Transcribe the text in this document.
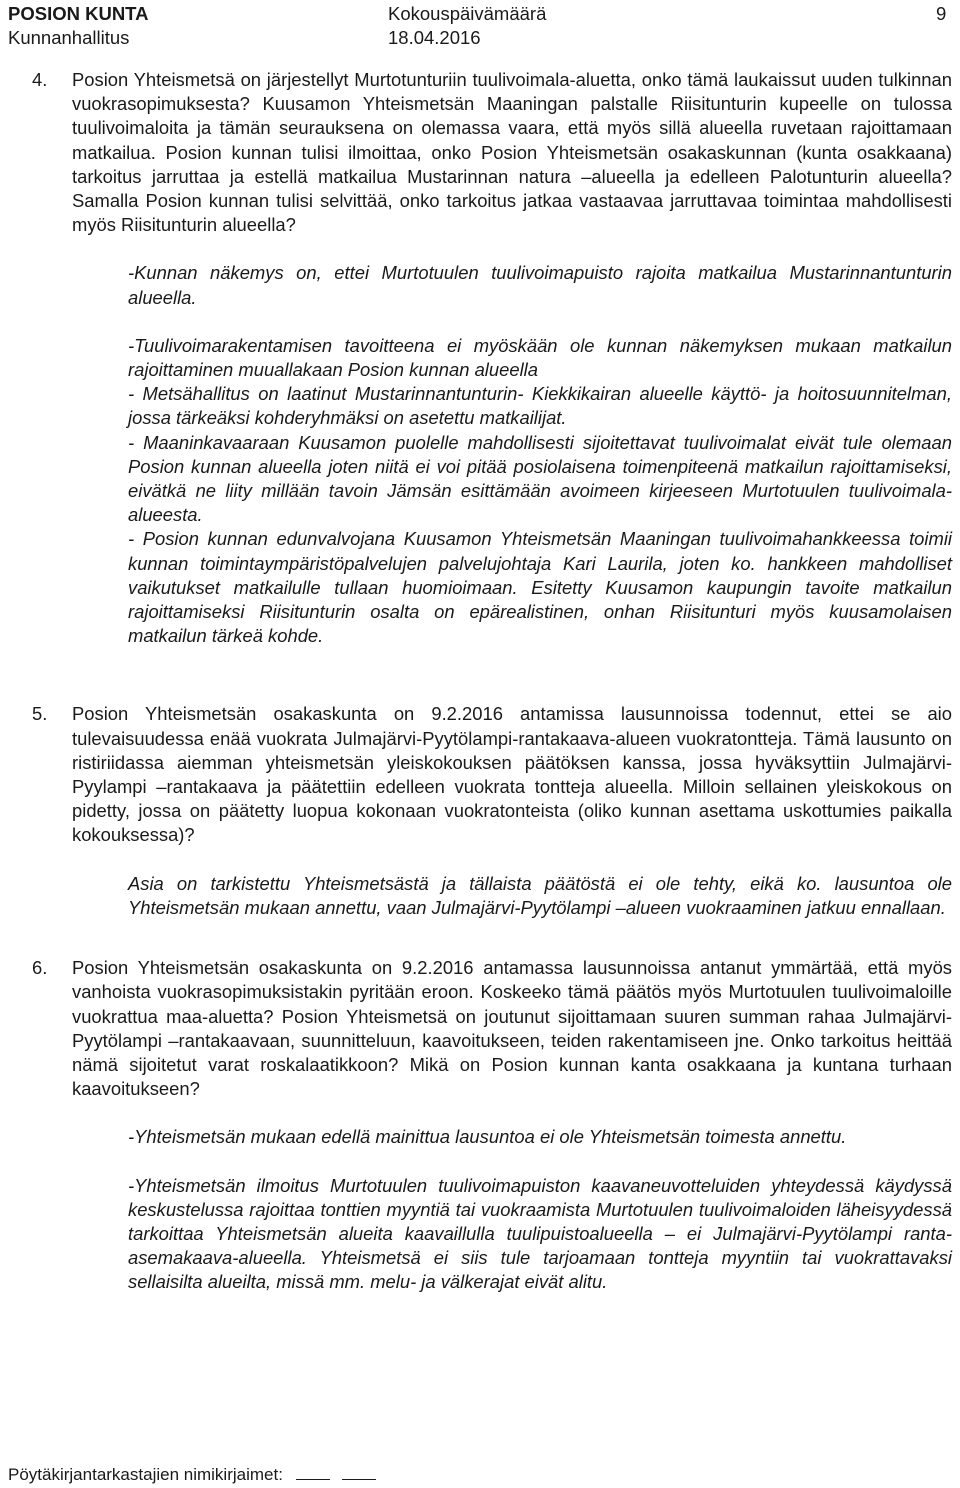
POSION KUNTA	Kokouspäivämäärä	9
Kunnanhallitus	18.04.2016
4. Posion Yhteismetsä on järjestellyt Murtotunturiin tuulivoimala-aluetta, onko tämä laukaissut uuden tulkinnan vuokrasopimuksesta? Kuusamon Yhteismetsän Maaningan palstalle Riisitunturin kupeelle on tulossa tuulivoimaloita ja tämän seurauksena on olemassa vaara, että myös sillä alueella ruvetaan rajoittamaan matkailua. Posion kunnan tulisi ilmoittaa, onko Posion Yhteismetsän osakaskunnan (kunta osakkaana) tarkoitus jarruttaa ja estellä matkailua Mustarinnan natura –alueella ja edelleen Palotunturin alueella? Samalla Posion kunnan tulisi selvittää, onko tarkoitus jatkaa vastaavaa jarruttavaa toimintaa mahdollisesti myös Riisitunturin alueella?

-Kunnan näkemys on, ettei Murtotuulen tuulivoimapuisto rajoita matkailua Mustarinnantunturin alueella.

-Tuulivoimarakentamisen tavoitteena ei myöskään ole kunnan näkemyksen mukaan matkailun rajoittaminen muuallakaan Posion kunnan alueella

- Metsähallitus on laatinut Mustarinnantunturin- Kiekkikairan alueelle käyttö- ja hoitosuunnitelman, jossa tärkeäksi kohderyhmäksi on asetettu matkailijat.

- Maaninkavaaraan Kuusamon puolelle mahdollisesti sijoitettavat tuulivoimalat eivät tule olemaan Posion kunnan alueella joten niitä ei voi pitää posiolaisena toimenpiteenä matkailun rajoittamiseksi, eivätkä ne liity millään tavoin Jämsän esittämään avoimeen kirjeeseen Murtotuulen tuulivoimala-alueesta.

- Posion kunnan edunvalvojana Kuusamon Yhteismetsän Maaningan tuulivoimahankkeessa toimii kunnan toimintaympäristöpalvelujen palvelujohtaja Kari Laurila, joten ko. hankkeen mahdolliset vaikutukset matkailulle tullaan huomioimaan. Esitetty Kuusamon kaupungin tavoite matkailun rajoittamiseksi Riisitunturin osalta on epärealistinen, onhan Riisitunturi myös kuusamolaisen matkailun tärkeä kohde.

5. Posion Yhteismetsän osakaskunta on 9.2.2016 antamissa lausunnoissa todennut, ettei se aio tulevaisuudessa enää vuokrata Julmajärvi-Pyytölampi-rantakaava-alueen vuokratontteja. Tämä lausunto on ristiriidassa aiemman yhteismetsän yleiskokouksen päätöksen kanssa, jossa hyväksyttiin Julmajärvi-Pyylampi –rantakaava ja päätettiin edelleen vuokrata tontteja alueella. Milloin sellainen yleiskokous on pidetty, jossa on päätetty luopua kokonaan vuokratonteista (oliko kunnan asettama uskottumies paikalla kokouksessa)?

Asia on tarkistettu Yhteismetsästä ja tällaista päätöstä ei ole tehty, eikä ko. lausuntoa ole Yhteismetsän mukaan annettu, vaan Julmajärvi-Pyytölampi –alueen vuokraaminen jatkuu ennallaan.

6. Posion Yhteismetsän osakaskunta on 9.2.2016 antamassa lausunnoissa antanut ymmärtää, että myös vanhoista vuokrasopimuksistakin pyritään eroon. Koskeeko tämä päätös myös Murtotuulen tuulivoimaloille vuokrattua maa-aluetta? Posion Yhteismetsä on joutunut sijoittamaan suuren summan rahaa Julmajärvi-Pyytölampi –rantakaavaan, suunnitteluun, kaavoitukseen, teiden rakentamiseen jne. Onko tarkoitus heittää nämä sijoitetut varat roskalaatikkoon? Mikä on Posion kunnan kanta osakkaana ja kuntana turhaan kaavoitukseen?

-Yhteismetsän mukaan edellä mainittua lausuntoa ei ole Yhteismetsän toimesta annettu.

-Yhteismetsän ilmoitus Murtotuulen tuulivoimapuiston kaavaneuvotteluiden yhteydessä käydyssä keskustelussa rajoittaa tonttien myyntiä tai vuokraamista Murtotuulen tuulivoimaloiden läheisyydessä tarkoittaa Yhteismetsän alueita kaavaillulla tuulipuistoalueella – ei Julmajärvi-Pyytölampi ranta-asemakaava-alueella. Yhteismetsä ei siis tule tarjoamaan tontteja myyntiin tai vuokrattavaksi sellaisilta alueilta, missä mm. melu- ja välkerajat eivät alitu.

Pöytäkirjantarkastajien nimikirjaimet:
